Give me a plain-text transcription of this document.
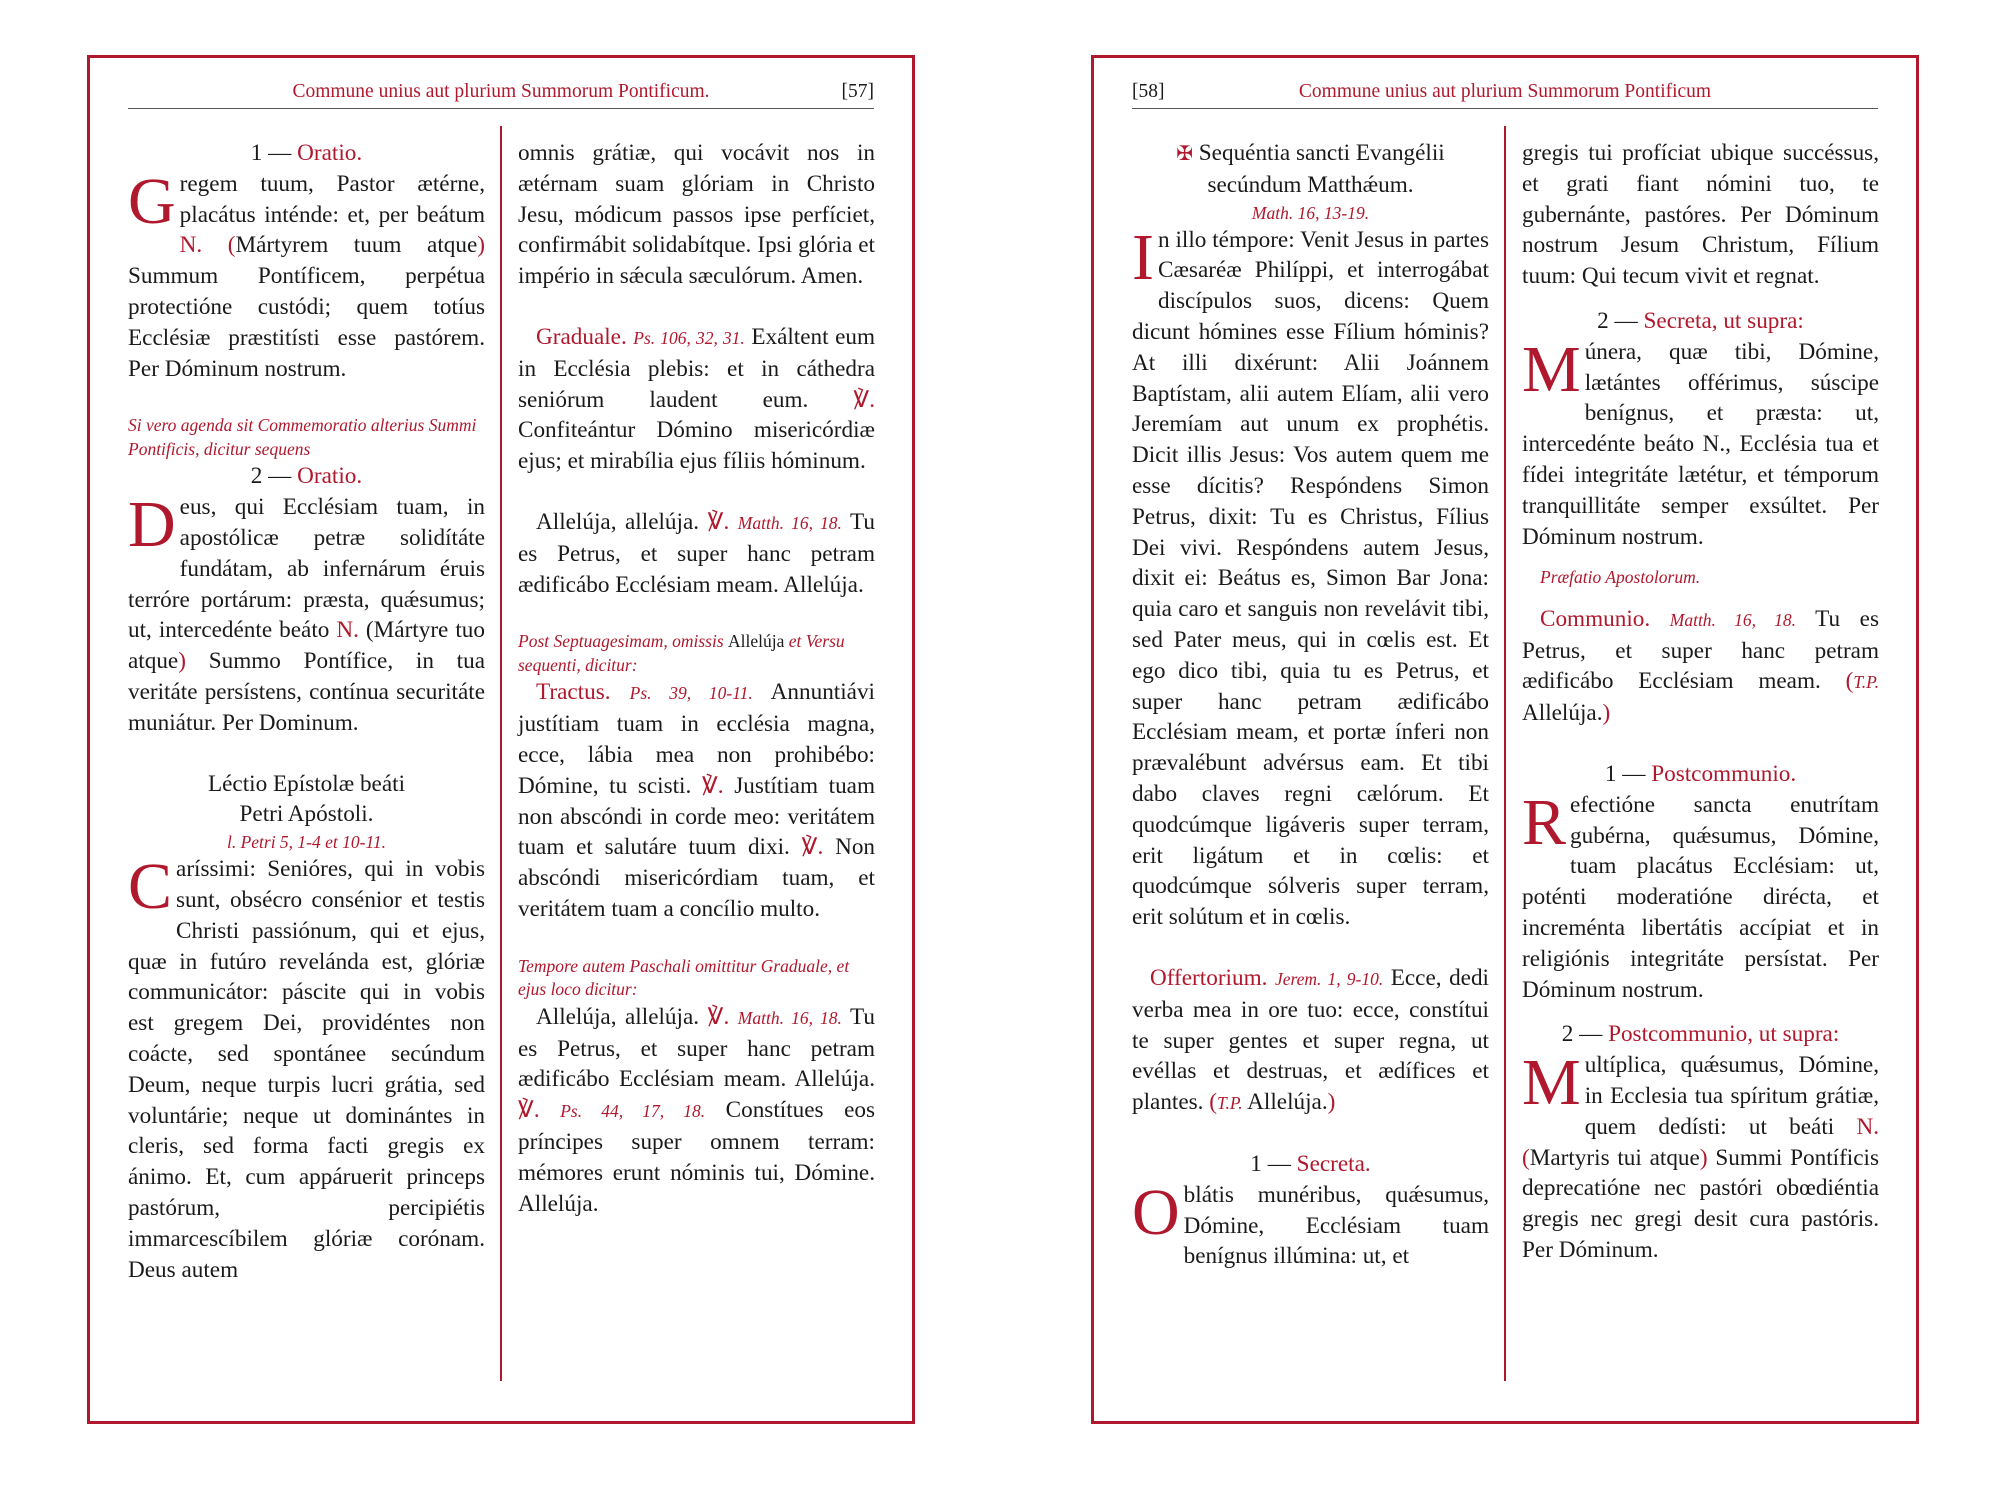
Commune unius aut plurium Summorum Pontificum.	[57]

1 — Oratio.

Gregem tuum, Pastor ætérne, placátus inténde: et, per beátum N. (Mártyrem tuum atque) Summum Pontíficem, perpétua protectióne custódi; quem totíus Ecclésiæ præstitísti esse pastórem. Per Dóminum nostrum.

Si vero agenda sit Commemoratio alterius Summi Pontificis, dicitur sequens

2 — Oratio.

Deus, qui Ecclésiam tuam, in apostólicæ petræ solidítáte fundátam, ab infernárum éruis terróre portárum: præsta, quǽsumus; ut, intercedénte beáto N. (Mártyre tuo atque) Summo Pontífice, in tua veritáte persístens, contínua securitáte muniátur. Per Dominum.

Léctio Epístolæ beáti

Petri Apóstoli.

l. Petri 5, 1-4 et 10-11.

Caríssimi: Senióres, qui in vobis sunt, obsécro consénior et testis Christi passiónum, qui et ejus, quæ in futúro revelánda est, glóriæ communicátor: páscite qui in vobis est gregem Dei, providéntes non coácte, sed spontánee secúndum Deum, neque turpis lucri grátia, sed voluntárie; neque ut dominántes in cleris, sed forma facti gregis ex ánimo. Et, cum appáruerit princeps pastórum, percipiétis immarcescíbilem glóriæ corónam. Deus autem

omnis grátiæ, qui vocávit nos in ætérnam suam glóriam in Christo Jesu, módicum passos ipse perfíciet, confirmábit solidabítque. Ipsi glória et império in sǽcula sæculórum. Amen.

Graduale. Ps. 106, 32, 31. Exáltent eum in Ecclésia plebis: et in cáthedra seniórum laudent eum. ℣. Confiteántur Dómino misericórdiæ ejus; et mirabília ejus fíliis hóminum.

Allelúja, allelúja. ℣. Matth. 16, 18. Tu es Petrus, et super hanc petram ædificábo Ecclésiam meam. Allelúja.

Post Septuagesimam, omissis Allelúja et Versu sequenti, dicitur:

Tractus. Ps. 39, 10-11. Annuntiávi justítiam tuam in ecclésia magna, ecce, lábia mea non prohibébo: Dómine, tu scisti. ℣. Justítiam tuam non abscóndi in corde meo: veritátem tuam et salutáre tuum dixi. ℣. Non abscóndi misericórdiam tuam, et veritátem tuam a concílio multo.

Tempore autem Paschali omittitur Graduale, et ejus loco dicitur:

Allelúja, allelúja. ℣. Matth. 16, 18. Tu es Petrus, et super hanc petram ædificábo Ecclésiam meam. Allelúja. ℣. Ps. 44, 17, 18. Constítues eos príncipes super omnem terram: mémores erunt nóminis tui, Dómine. Allelúja.

[58]	Commune unius aut plurium Summorum Pontificum

✠ Sequéntia sancti Evangélii

secúndum Matthǽum.

Math. 16, 13-19.

In illo témpore: Venit Jesus in partes Cæsaréæ Philíppi, et interrogábat discípulos suos, dicens: Quem dicunt hómines esse Fílium hóminis? At illi dixérunt: Alii Joánnem Baptístam, alii autem Elíam, alii vero Jeremíam aut unum ex prophétis. Dicit illis Jesus: Vos autem quem me esse dícitis? Respóndens Simon Petrus, dixit: Tu es Christus, Fílius Dei vivi. Respóndens autem Jesus, dixit ei: Beátus es, Simon Bar Jona: quia caro et sanguis non revelávit tibi, sed Pater meus, qui in cœlis est. Et ego dico tibi, quia tu es Petrus, et super hanc petram ædificábo Ecclésiam meam, et portæ ínferi non prævalébunt advérsus eam. Et tibi dabo claves regni cælórum. Et quodcúmque ligáveris super terram, erit ligátum et in cœlis: et quodcúmque sólveris super terram, erit solútum et in cœlis.

Offertorium. Jerem. 1, 9-10. Ecce, dedi verba mea in ore tuo: ecce, constítui te super gentes et super regna, ut evéllas et destruas, et ædífices et plantes. (T.P. Allelúja.)

1 — Secreta.

Oblátis munéribus, quǽsumus, Dómine, Ecclésiam tuam benígnus illúmina: ut, et

gregis tui profíciat ubique succéssus, et grati fiant nómini tuo, te gubernánte, pastóres. Per Dóminum nostrum Jesum Christum, Fílium tuum: Qui tecum vivit et regnat.

2 — Secreta, ut supra:

Múnera, quæ tibi, Dómine, lætántes offérimus, súscipe benígnus, et præsta: ut, intercedénte beáto N., Ecclésia tua et fídei integritáte lætétur, et témporum tranquillitáte semper exsúltet. Per Dóminum nostrum.

Præfatio Apostolorum.

Communio. Matth. 16, 18. Tu es Petrus, et super hanc petram ædificábo Ecclésiam meam. (T.P. Allelúja.)

1 — Postcommunio.

Refectióne sancta enutrítam gubérna, quǽsumus, Dómine, tuam placátus Ecclésiam: ut, poténti moderatióne dirécta, et increménta libertátis accípiat et in religiónis integritáte persístat. Per Dóminum nostrum.

2 — Postcommunio, ut supra:

Multíplica, quǽsumus, Dómine, in Ecclesia tua spíritum grátiæ, quem dedísti: ut beáti N. (Martyris tui atque) Summi Pontíficis deprecatióne nec pastóri obœdiéntia gregis nec gregi desit cura pastóris. Per Dóminum.
